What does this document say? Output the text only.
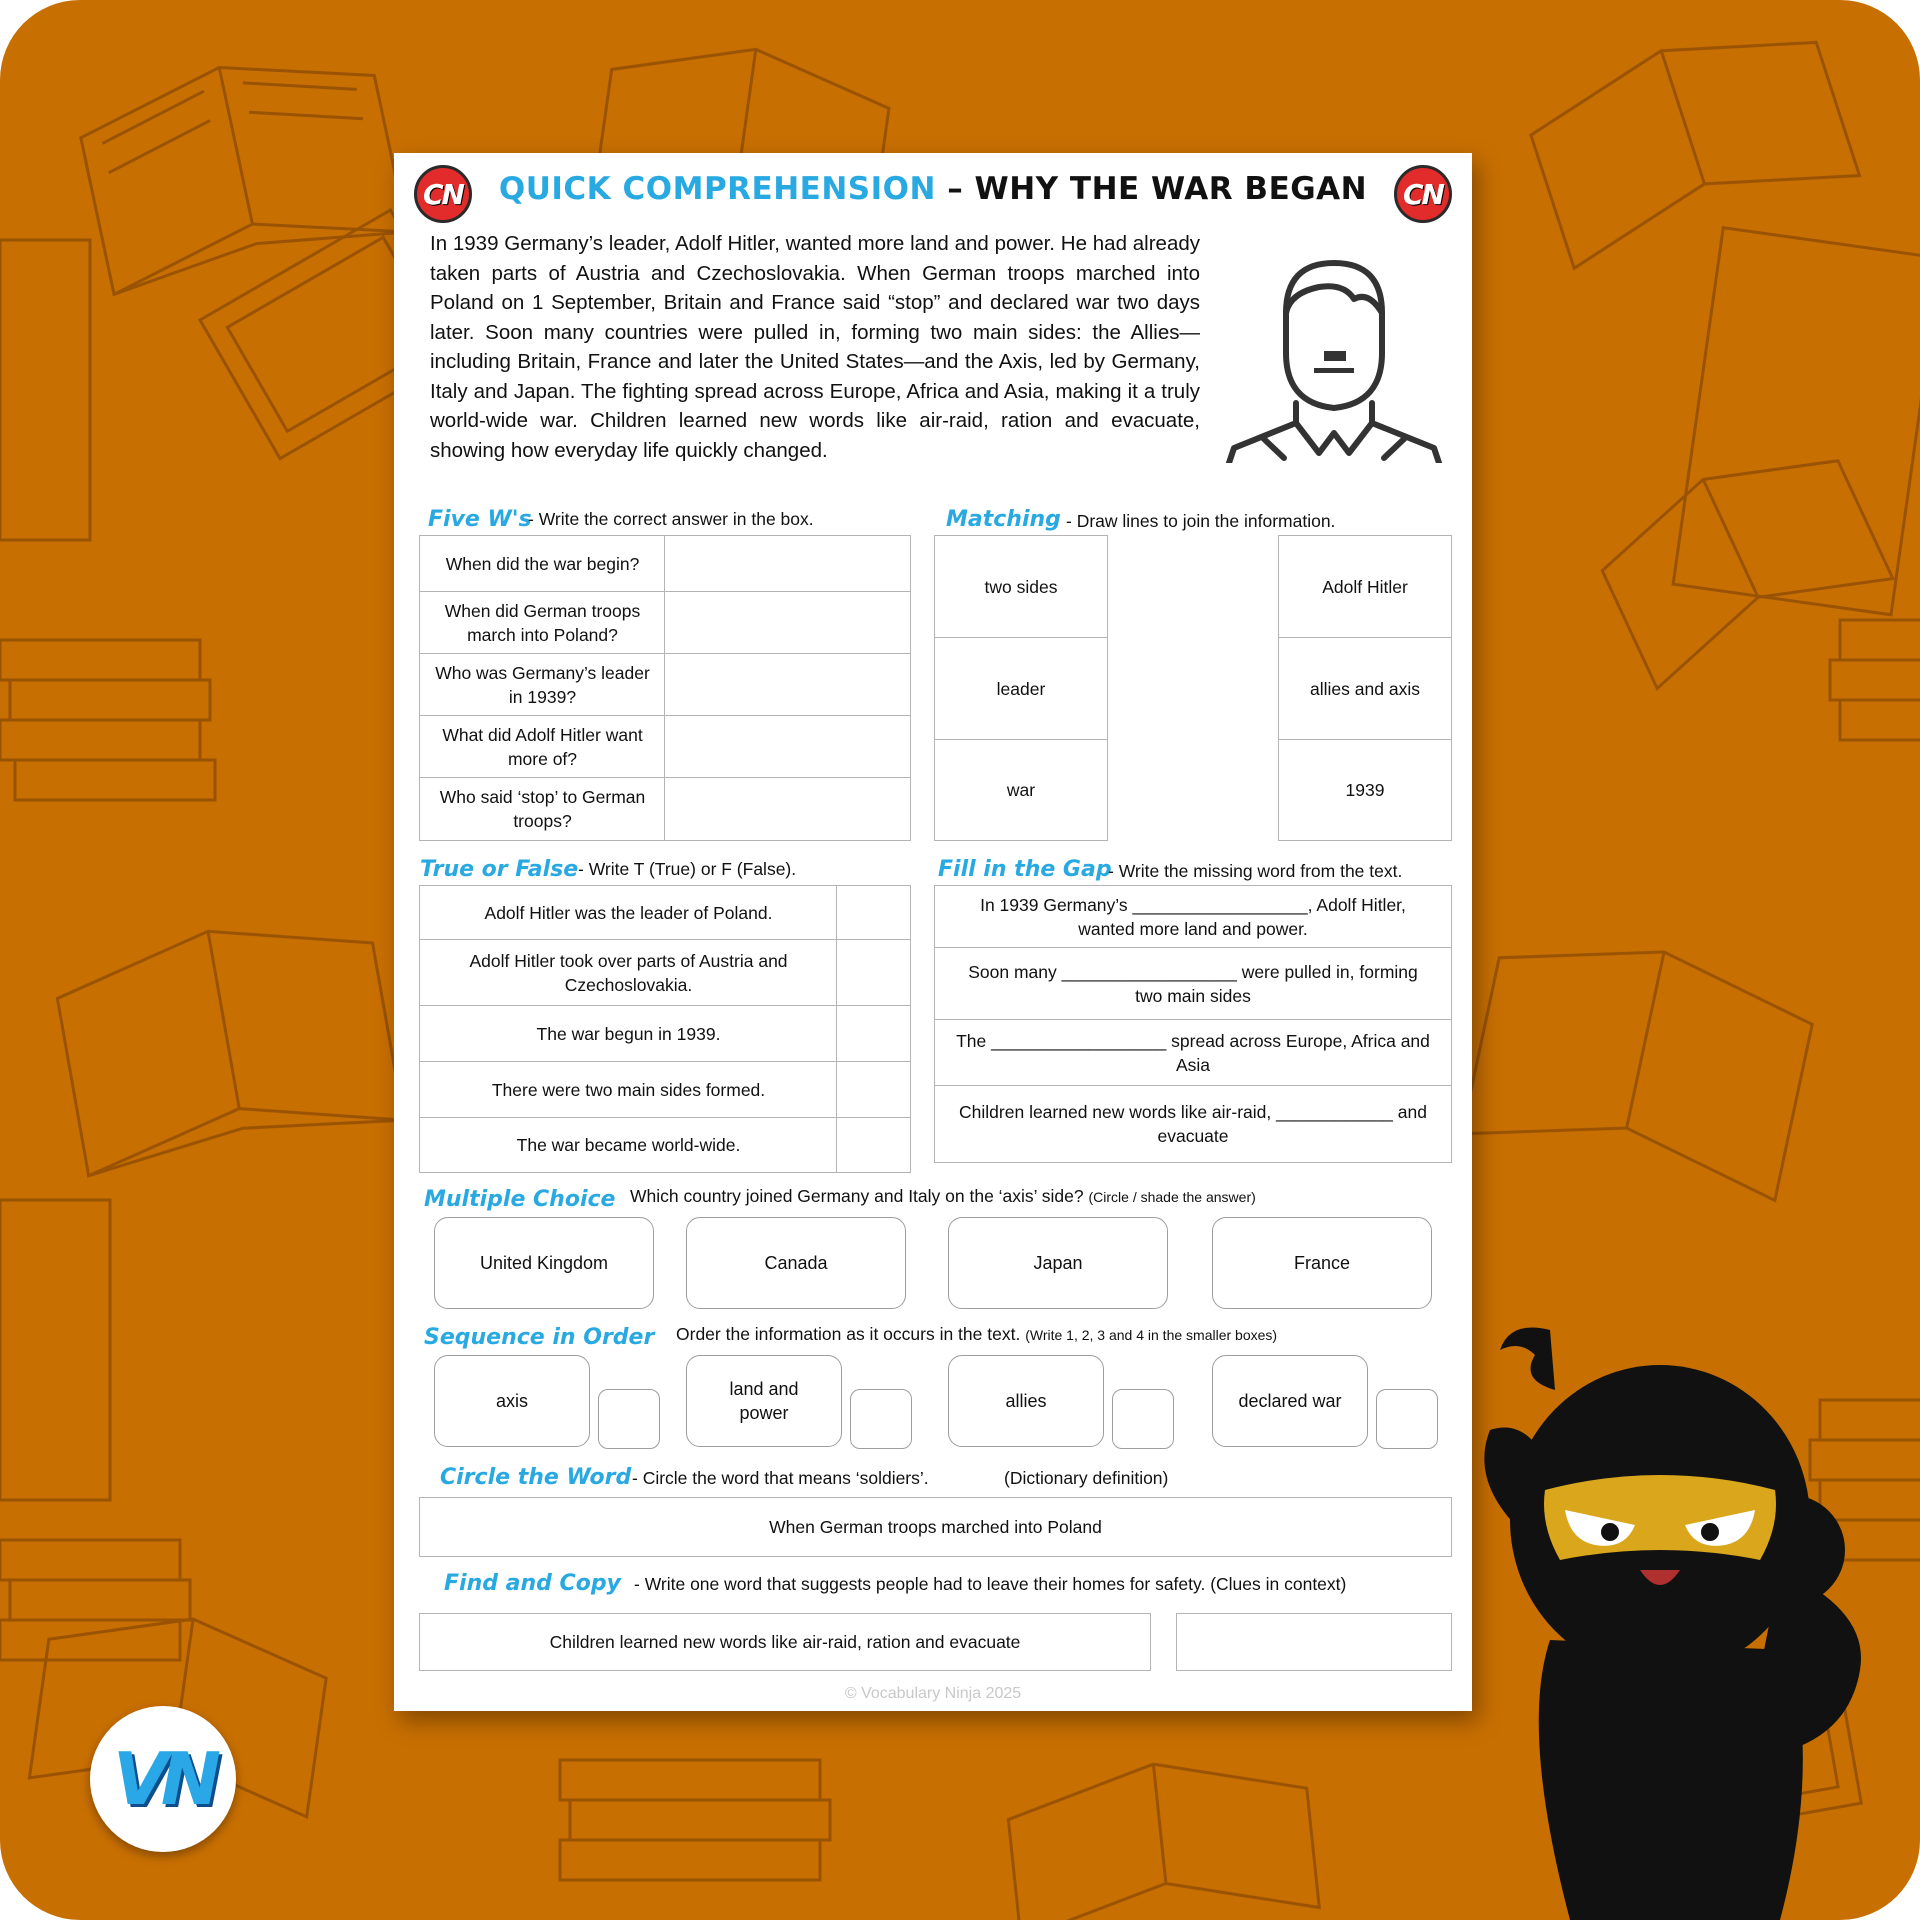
CN	CN
QUICK COMPREHENSION – WHY THE WAR BEGAN

In 1939 Germany’s leader, Adolf Hitler, wanted more land and power. He had already taken parts of Austria and Czechoslovakia. When German troops marched into Poland on 1 September, Britain and France said “stop” and declared war two days later. Soon many countries were pulled in, forming two main sides: the Allies—including Britain, France and later the United States—and the Axis, led by Germany, Italy and Japan. The fighting spread across Europe, Africa and Asia, making it a truly world-wide war. Children learned new words like air-raid, ration and evacuate, showing how everyday life quickly changed.

Five W's
- Write the correct answer in the box.
When did the war begin?
When did German troops march into Poland?
Who was Germany’s leader in 1939?
What did Adolf Hitler want more of?
Who said ‘stop’ to German troops?
Matching - Draw lines to join the information.
two sides
leader
war
Adolf Hitler
allies and axis
1939
True or False - Write T (True) or F (False).
Adolf Hitler was the leader of Poland.
Adolf Hitler took over parts of Austria and Czechoslovakia.
The war begun in 1939.
There were two main sides formed.
The war became world-wide.
Fill in the Gap
- Write the missing word from the text.
In 1939 Germany’s __________________, Adolf Hitler, wanted more land and power.
Soon many __________________ were pulled in, forming two main sides
The __________________ spread across Europe, Africa and Asia
Children learned new words like air-raid, ____________ and evacuate
Multiple Choice Which country joined Germany and Italy on the ‘axis’ side? (Circle / shade the answer)
United Kingdom	Canada	Japan	France
Sequence in Order Order the information as it occurs in the text. (Write 1, 2, 3 and 4 in the smaller boxes)
axis
land and power
allies	declared war
Circle the Word - Circle the word that means ‘soldiers’.	(Dictionary definition)
When German troops marched into Poland
Find and Copy - Write one word that suggests people had to leave their homes for safety. (Clues in context)
Children learned new words like air-raid, ration and evacuate
© Vocabulary Ninja 2025
VN
